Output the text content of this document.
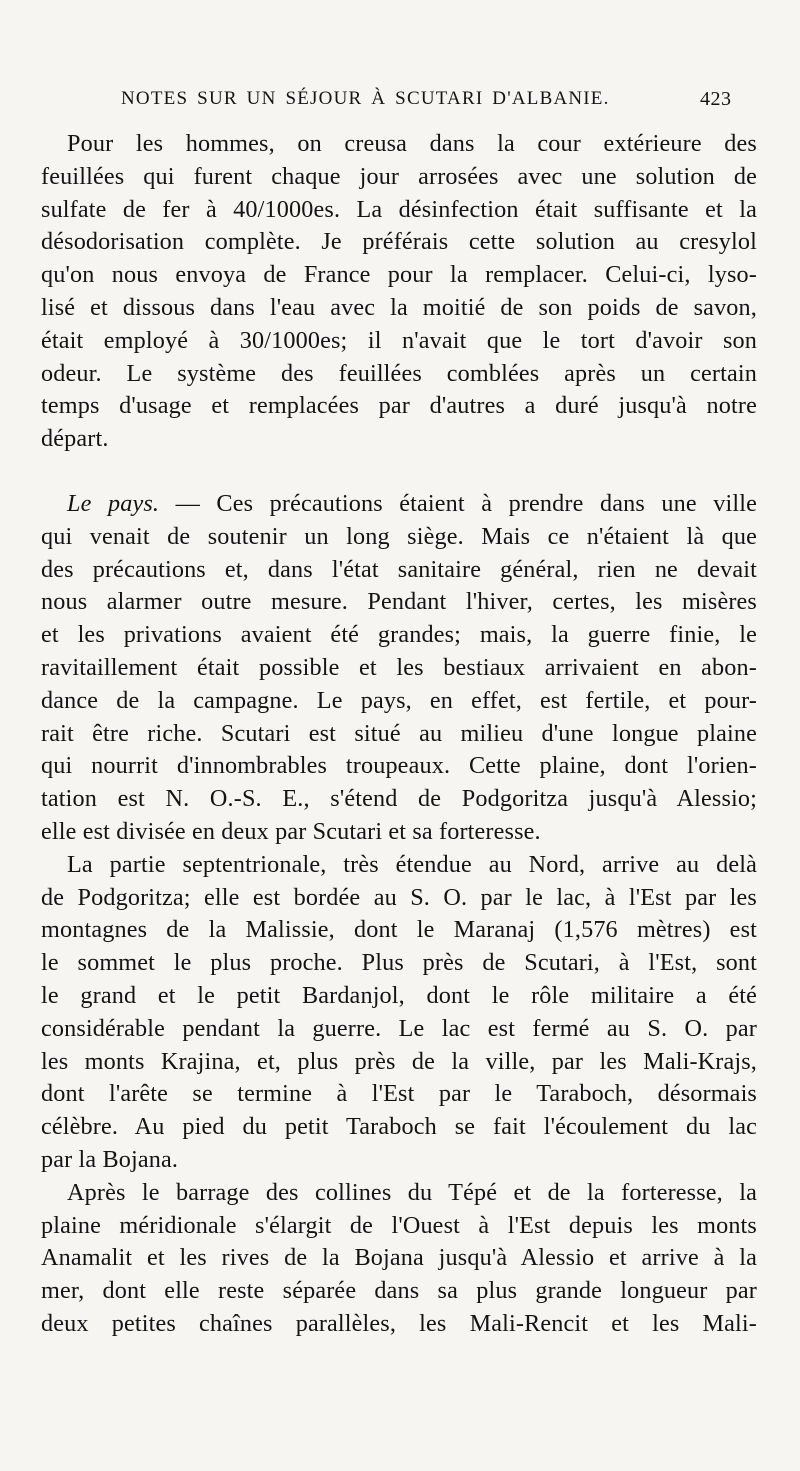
NOTES SUR UN SÉJOUR À SCUTARI D'ALBANIE.	423
Pour les hommes, on creusa dans la cour extérieure des
feuillées qui furent chaque jour arrosées avec une solution de
sulfate de fer à 40/1000es. La désinfection était suffisante et la
désodorisation complète. Je préférais cette solution au cresylol
qu'on nous envoya de France pour la remplacer. Celui-ci, lyso-
lisé et dissous dans l'eau avec la moitié de son poids de savon,
était employé à 30/1000es; il n'avait que le tort d'avoir son
odeur. Le système des feuillées comblées après un certain
temps d'usage et remplacées par d'autres a duré jusqu'à notre
départ.
Le pays. — Ces précautions étaient à prendre dans une ville
qui venait de soutenir un long siège. Mais ce n'étaient là que
des précautions et, dans l'état sanitaire général, rien ne devait
nous alarmer outre mesure. Pendant l'hiver, certes, les misères
et les privations avaient été grandes; mais, la guerre finie, le
ravitaillement était possible et les bestiaux arrivaient en abon-
dance de la campagne. Le pays, en effet, est fertile, et pour-
rait être riche. Scutari est situé au milieu d'une longue plaine
qui nourrit d'innombrables troupeaux. Cette plaine, dont l'orien-
tation est N. O.-S. E., s'étend de Podgoritza jusqu'à Alessio;
elle est divisée en deux par Scutari et sa forteresse.
La partie septentrionale, très étendue au Nord, arrive au delà
de Podgoritza; elle est bordée au S. O. par le lac, à l'Est par les
montagnes de la Malissie, dont le Maranaj (1,576 mètres) est
le sommet le plus proche. Plus près de Scutari, à l'Est, sont
le grand et le petit Bardanjol, dont le rôle militaire a été
considérable pendant la guerre. Le lac est fermé au S. O. par
les monts Krajina, et, plus près de la ville, par les Mali-Krajs,
dont l'arête se termine à l'Est par le Taraboch, désormais
célèbre. Au pied du petit Taraboch se fait l'écoulement du lac
par la Bojana.
Après le barrage des collines du Tépé et de la forteresse, la
plaine méridionale s'élargit de l'Ouest à l'Est depuis les monts
Anamalit et les rives de la Bojana jusqu'à Alessio et arrive à la
mer, dont elle reste séparée dans sa plus grande longueur par
deux petites chaînes parallèles, les Mali-Rencit et les Mali-
